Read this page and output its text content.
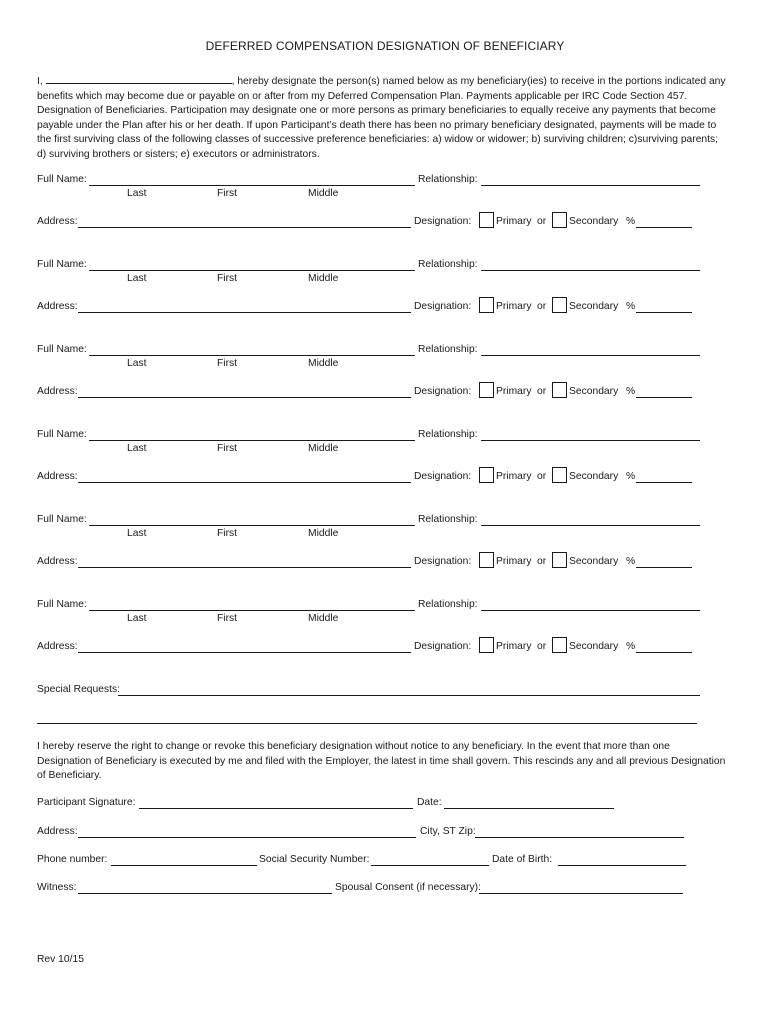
DEFERRED COMPENSATION DESIGNATION OF BENEFICIARY
I,	, hereby designate the person(s) named below as my beneficiary(ies) to receive in the portions indicated any
benefits which may become due or payable on or after from my Deferred Compensation Plan. Payments applicable per IRC Code Section 457.
Designation of Beneficiaries. Participation may designate one or more persons as primary beneficiaries to equally receive any payments that become
payable under the Plan after his or her death. If upon Participant’s death there has been no primary beneficiary designated, payments will be made to
the first surviving class of the following classes of successive preference beneficiaries: a) widow or widower; b) surviving children; c)surviving parents;
d) surviving brothers or sisters; e) executors or administrators.
Full Name:	Relationship:
Last	First	Middle
Address:	Designation: Primary or Secondary %
Full Name:	Relationship:
Last	First	Middle
Address:	Designation: Primary or Secondary %
Full Name:	Relationship:
Last	First	Middle
Address:	Designation: Primary or Secondary %
Full Name:	Relationship:
Last	First	Middle
Address:	Designation: Primary or Secondary %
Full Name:	Relationship:
Last	First	Middle
Address:	Designation: Primary or Secondary %
Full Name:	Relationship:
Last	First	Middle
Address:	Designation: Primary or Secondary %
Special Requests:
I hereby reserve the right to change or revoke this beneficiary designation without notice to any beneficiary. In the event that more than one
Designation of Beneficiary is executed by me and filed with the Employer, the latest in time shall govern. This rescinds any and all previous Designation
of Beneficiary.
Participant Signature:	Date:
Address:	City, ST Zip:
Phone number:	Social Security Number:	Date of Birth:
Witness:	Spousal Consent (if necessary):
Rev 10/15
